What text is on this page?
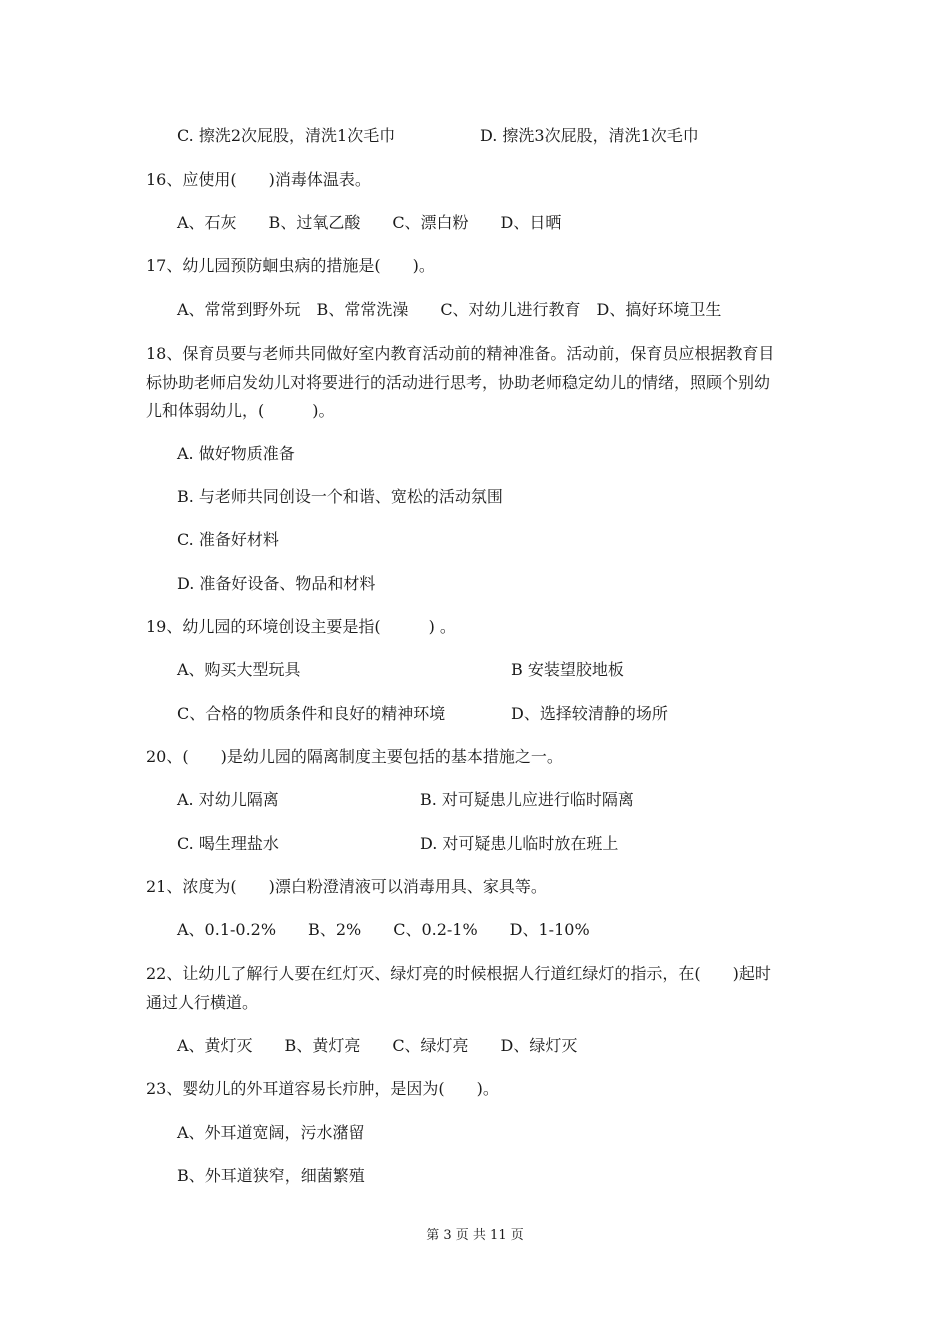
C. 擦洗2次屁股，清洗1次毛巾	D. 擦洗3次屁股，清洗1次毛巾
16、应使用(　　)消毒体温表。
A、石灰　　B、过氧乙酸　　C、漂白粉　　D、日晒
17、幼儿园预防蛔虫病的措施是(　　)。
A、常常到野外玩　B、常常洗澡　　C、对幼儿进行教育　D、搞好环境卫生
18、保育员要与老师共同做好室内教育活动前的精神准备。活动前，保育员应根据教育目
标协助老师启发幼儿对将要进行的活动进行思考，协助老师稳定幼儿的情绪，照顾个别幼
儿和体弱幼儿，(　　　)。
A. 做好物质准备
B. 与老师共同创设一个和谐、宽松的活动氛围
C. 准备好材料
D. 准备好设备、物品和材料
19、幼儿园的环境创设主要是指(　　　) 。
A、购买大型玩具	B 安装望胶地板
C、合格的物质条件和良好的精神环境	D、选择较清静的场所
20、(　　)是幼儿园的隔离制度主要包括的基本措施之一。
A. 对幼儿隔离	B. 对可疑患儿应进行临时隔离
C. 喝生理盐水	D. 对可疑患儿临时放在班上
21、浓度为(　　)漂白粉澄清液可以消毒用具、家具等。
A、0.1-0.2%　　B、2%　　C、0.2-1%　　D、1-10%
22、让幼儿了解行人要在红灯灭、绿灯亮的时候根据人行道红绿灯的指示，在(　　)起时
通过人行横道。
A、黄灯灭　　B、黄灯亮　　C、绿灯亮　　D、绿灯灭
23、婴幼儿的外耳道容易长疖肿，是因为(　　)。
A、外耳道宽阔，污水潴留
B、外耳道狭窄，细菌繁殖
第 3 页 共 11 页
